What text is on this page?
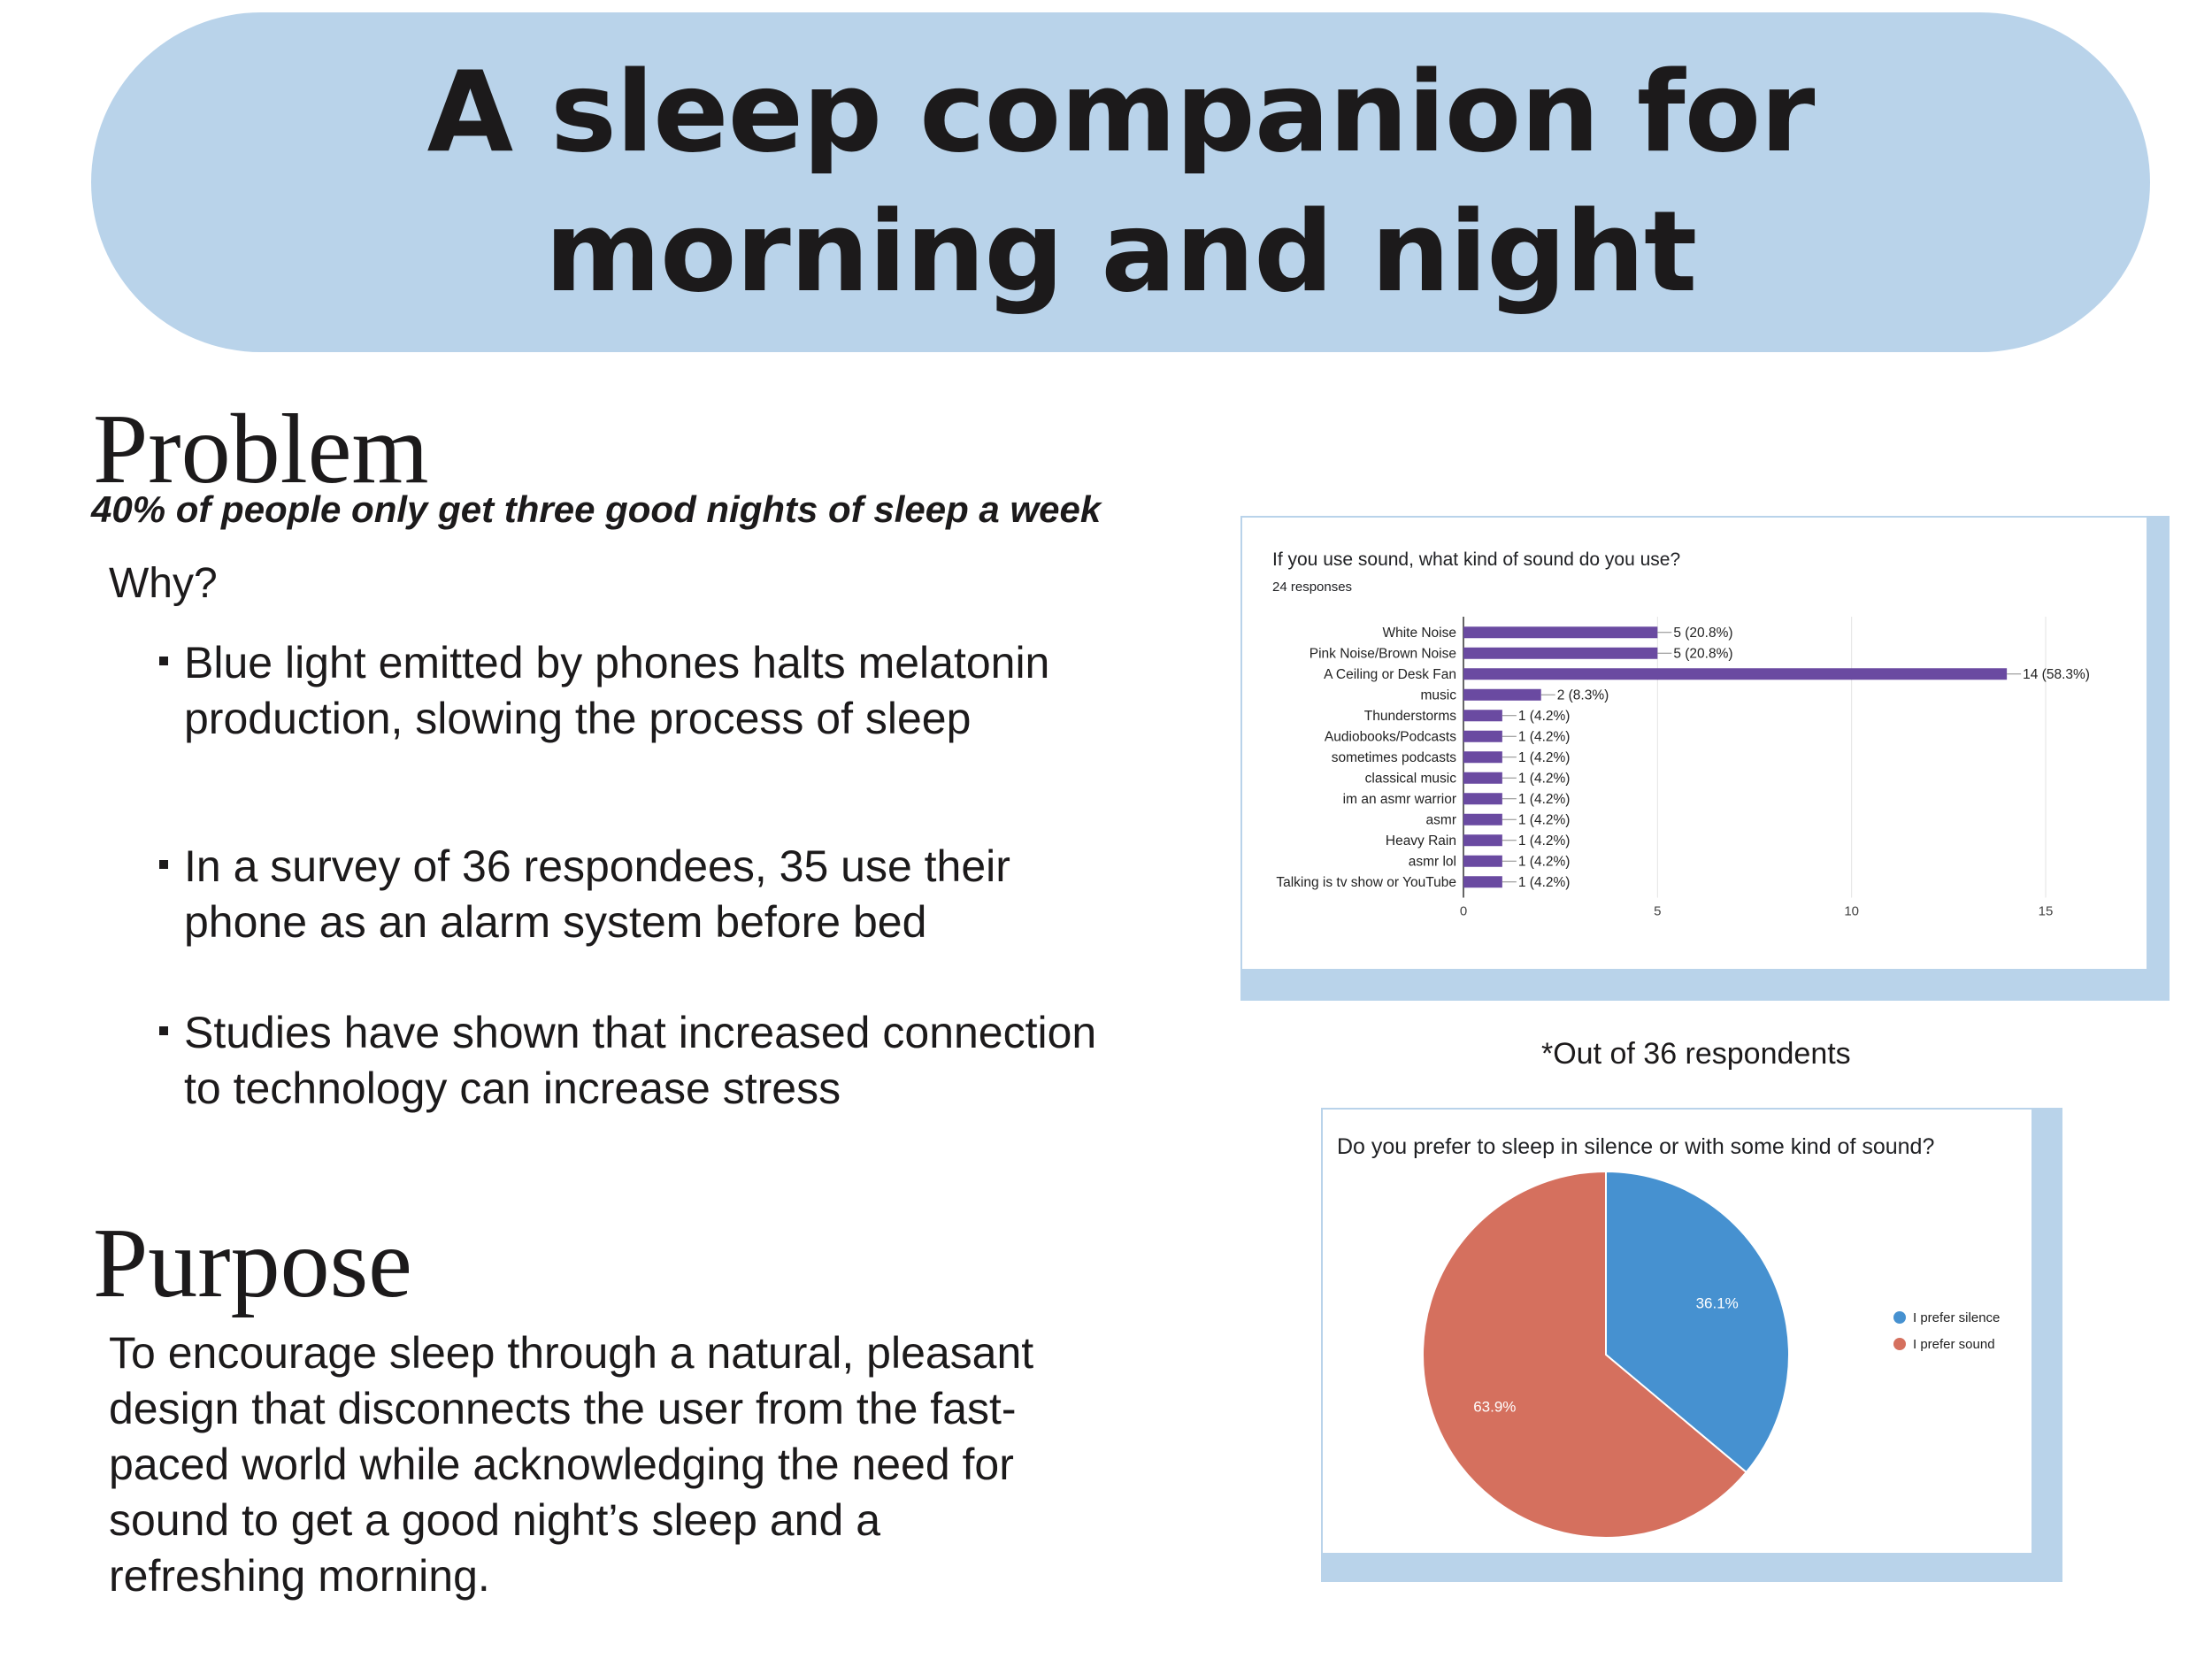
A sleep companion for morning and night
Problem

40% of people only get three good nights of sleep a week

Why?

Blue light emitted by phones halts melatonin production, slowing the process of sleep
In a survey of 36 respondees, 35 use their phone as an alarm system before bed
Studies have shown that increased connection to technology can increase stress
Purpose

To encourage sleep through a natural, pleasant design that disconnects the user from the fast-paced world while acknowledging the need for sound to get a good night’s sleep and a refreshing morning.

If you use sound, what kind of sound do you use?

24 responses

0	5	10	15
White Noise	5 (20.8%)
Pink Noise/Brown Noise	5 (20.8%)
A Ceiling or Desk Fan	14 (58.3%)
music	2 (8.3%)
Thunderstorms	1 (4.2%)
Audiobooks/Podcasts	1 (4.2%)
sometimes podcasts	1 (4.2%)
classical music	1 (4.2%)
im an asmr warrior	1 (4.2%)
asmr	1 (4.2%)
Heavy Rain	1 (4.2%)
asmr lol	1 (4.2%)
Talking is tv show or YouTube	1 (4.2%)

*Out of 36 respondents

Do you prefer to sleep in silence or with some kind of sound?

36.1%
63.9%
I prefer silence
I prefer sound
